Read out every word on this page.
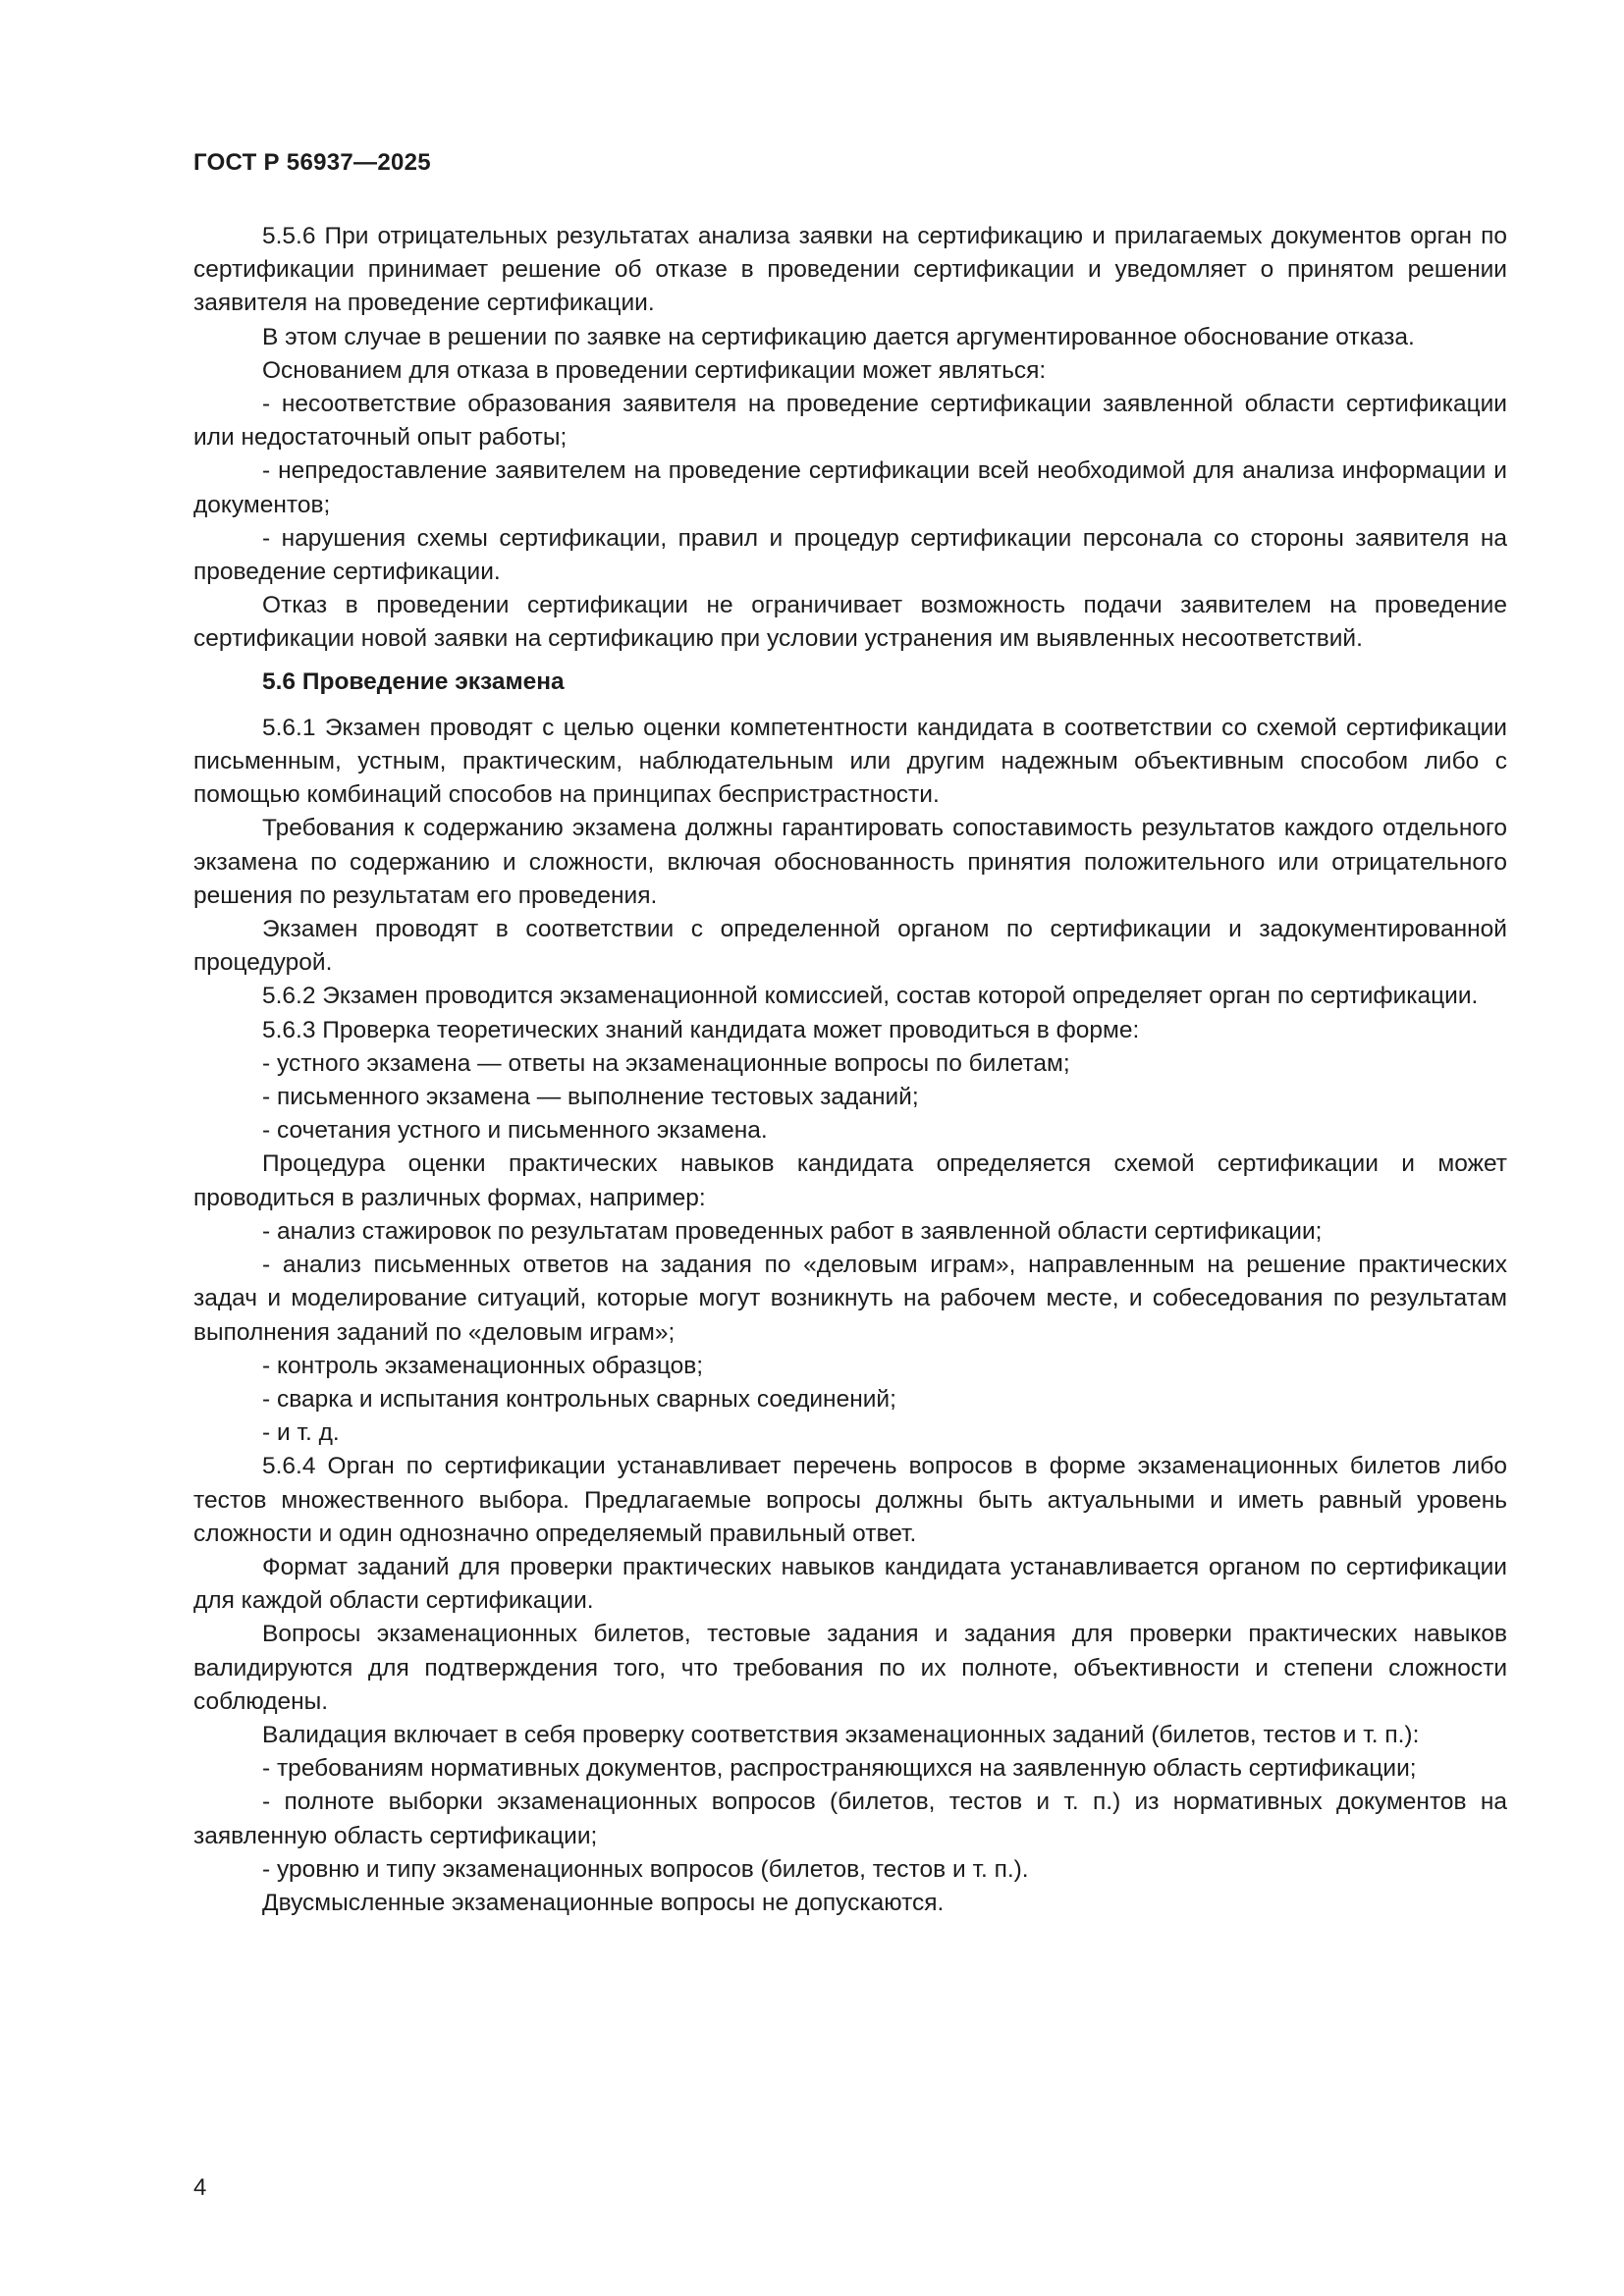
ГОСТ Р 56937—2025

5.5.6 При отрицательных результатах анализа заявки на сертификацию и прилагаемых документов орган по сертификации принимает решение об отказе в проведении сертификации и уведомляет о принятом решении заявителя на проведение сертификации.

В этом случае в решении по заявке на сертификацию дается аргументированное обоснование отказа.

Основанием для отказа в проведении сертификации может являться:

- несоответствие образования заявителя на проведение сертификации заявленной области сертификации или недостаточный опыт работы;

- непредоставление заявителем на проведение сертификации всей необходимой для анализа информации и документов;

- нарушения схемы сертификации, правил и процедур сертификации персонала со стороны заявителя на проведение сертификации.

Отказ в проведении сертификации не ограничивает возможность подачи заявителем на проведение сертификации новой заявки на сертификацию при условии устранения им выявленных несоответствий.

5.6 Проведение экзамена

5.6.1 Экзамен проводят с целью оценки компетентности кандидата в соответствии со схемой сертификации письменным, устным, практическим, наблюдательным или другим надежным объективным способом либо с помощью комбинаций способов на принципах беспристрастности.

Требования к содержанию экзамена должны гарантировать сопоставимость результатов каждого отдельного экзамена по содержанию и сложности, включая обоснованность принятия положительного или отрицательного решения по результатам его проведения.

Экзамен проводят в соответствии с определенной органом по сертификации и задокументированной процедурой.

5.6.2 Экзамен проводится экзаменационной комиссией, состав которой определяет орган по сертификации.

5.6.3 Проверка теоретических знаний кандидата может проводиться в форме:

- устного экзамена — ответы на экзаменационные вопросы по билетам;

- письменного экзамена — выполнение тестовых заданий;

- сочетания устного и письменного экзамена.

Процедура оценки практических навыков кандидата определяется схемой сертификации и может проводиться в различных формах, например:

- анализ стажировок по результатам проведенных работ в заявленной области сертификации;

- анализ письменных ответов на задания по «деловым играм», направленным на решение практических задач и моделирование ситуаций, которые могут возникнуть на рабочем месте, и собеседования по результатам выполнения заданий по «деловым играм»;

- контроль экзаменационных образцов;

- сварка и испытания контрольных сварных соединений;

- и т. д.

5.6.4 Орган по сертификации устанавливает перечень вопросов в форме экзаменационных билетов либо тестов множественного выбора. Предлагаемые вопросы должны быть актуальными и иметь равный уровень сложности и один однозначно определяемый правильный ответ.

Формат заданий для проверки практических навыков кандидата устанавливается органом по сертификации для каждой области сертификации.

Вопросы экзаменационных билетов, тестовые задания и задания для проверки практических навыков валидируются для подтверждения того, что требования по их полноте, объективности и степени сложности соблюдены.

Валидация включает в себя проверку соответствия экзаменационных заданий (билетов, тестов и т. п.):

- требованиям нормативных документов, распространяющихся на заявленную область сертификации;

- полноте выборки экзаменационных вопросов (билетов, тестов и т. п.) из нормативных документов на заявленную область сертификации;

- уровню и типу экзаменационных вопросов (билетов, тестов и т. п.).

Двусмысленные экзаменационные вопросы не допускаются.

4
